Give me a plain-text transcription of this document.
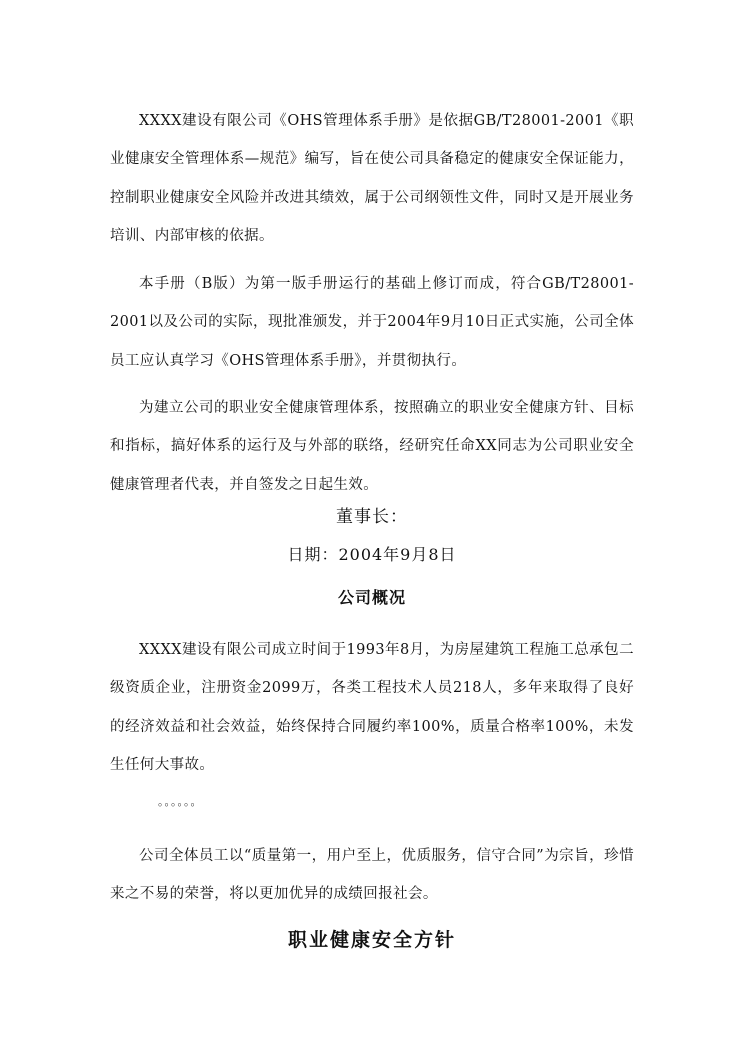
XXXX建设有限公司《OHS管理体系手册》是依据GB/T28001-2001《职业健康安全管理体系—规范》编写，旨在使公司具备稳定的健康安全保证能力，控制职业健康安全风险并改进其绩效，属于公司纲领性文件，同时又是开展业务培训、内部审核的依据。

本手册（B版）为第一版手册运行的基础上修订而成，符合GB/T28001-2001以及公司的实际，现批准颁发，并于2004年9月10日正式实施，公司全体员工应认真学习《OHS管理体系手册》，并贯彻执行。

为建立公司的职业安全健康管理体系，按照确立的职业安全健康方针、目标和指标，搞好体系的运行及与外部的联络，经研究任命XX同志为公司职业安全健康管理者代表，并自签发之日起生效。

董事长：
日期：2004年9月8日
公司概况

XXXX建设有限公司成立时间于1993年8月，为房屋建筑工程施工总承包二级资质企业，注册资金2099万，各类工程技术人员218人，多年来取得了良好的经济效益和社会效益，始终保持合同履约率100%，质量合格率100%，未发生任何大事故。

。。。。。。

公司全体员工以“质量第一，用户至上，优质服务，信守合同”为宗旨，珍惜来之不易的荣誉，将以更加优异的成绩回报社会。

职业健康安全方针
